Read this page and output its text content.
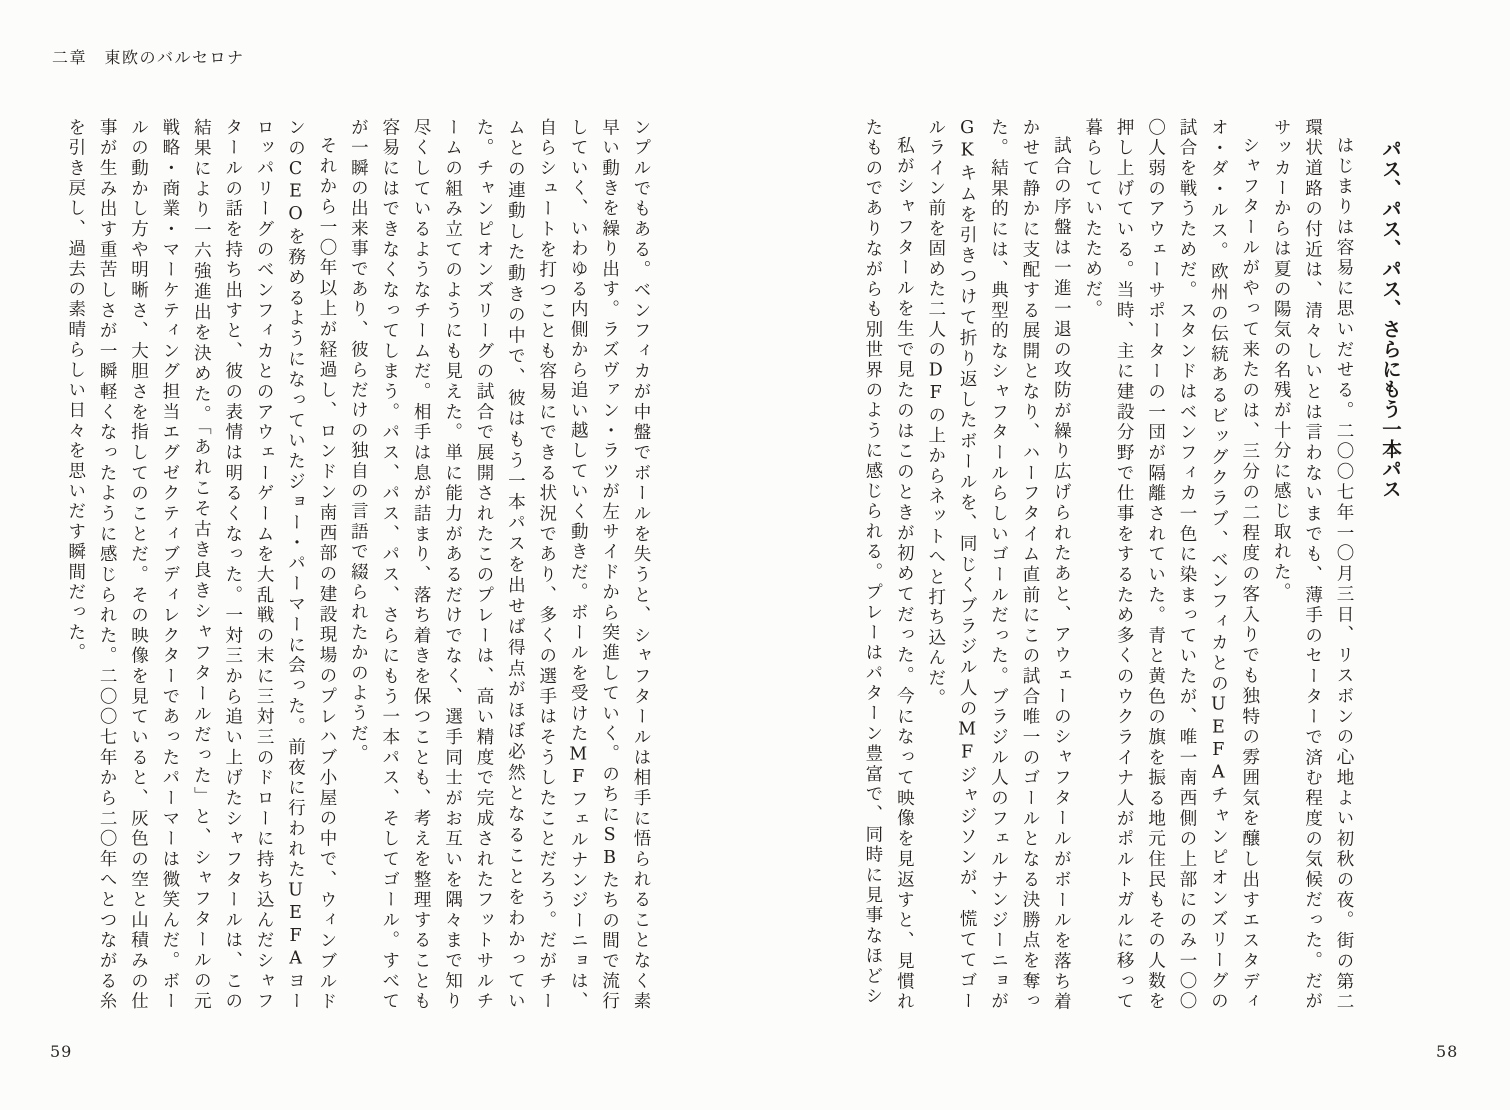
二章　東欧のバルセロナ
パス、パス、パス、さらにもう一本パス

はじまりは容易に思いだせる。二〇〇七年一〇月三日、リスボンの心地よい初秋の夜。街の第二環状道路の付近は、清々しいとは言わないまでも、薄手のセーターで済む程度の気候だった。だがサッカーからは夏の陽気の名残が十分に感じ取れた。

シャフタールがやって来たのは、三分の二程度の客入りでも独特の雰囲気を醸し出すエスタディオ・ダ・ルス。欧州の伝統あるビッグクラブ、ベンフィカとのUEFAチャンピオンズリーグの試合を戦うためだ。スタンドはベンフィカ一色に染まっていたが、唯一南西側の上部にのみ一〇〇〇人弱のアウェーサポーターの一団が隔離されていた。青と黄色の旗を振る地元住民もその人数を押し上げている。当時、主に建設分野で仕事をするため多くのウクライナ人がポルトガルに移って暮らしていたためだ。

試合の序盤は一進一退の攻防が繰り広げられたあと、アウェーのシャフタールがボールを落ち着かせて静かに支配する展開となり、ハーフタイム直前にこの試合唯一のゴールとなる決勝点を奪った。結果的には、典型的なシャフタールらしいゴールだった。ブラジル人のフェルナンジーニョがGKキムを引きつけて折り返したボールを、同じくブラジル人のMFジャジソンが、慌ててゴールライン前を固めた二人のDFの上からネットへと打ち込んだ。

私がシャフタールを生で見たのはこのときが初めてだった。今になって映像を見返すと、見慣れたものでありながらも別世界のように感じられる。プレーはパターン豊富で、同時に見事なほどシ

58

ンプルでもある。ベンフィカが中盤でボールを失うと、シャフタールは相手に悟られることなく素早い動きを繰り出す。ラズヴァン・ラツが左サイドから突進していく。のちにSBたちの間で流行していく、いわゆる内側から追い越していく動きだ。ボールを受けたMFフェルナンジーニョは、自らシュートを打つことも容易にできる状況であり、多くの選手はそうしたことだろう。だがチームとの連動した動きの中で、彼はもう一本パスを出せば得点がほぼ必然となることをわかっていた。チャンピオンズリーグの試合で展開されたこのプレーは、高い精度で完成されたフットサルチームの組み立てのようにも見えた。単に能力があるだけでなく、選手同士がお互いを隅々まで知り尽くしているようなチームだ。相手は息が詰まり、落ち着きを保つことも、考えを整理することも容易にはできなくなってしまう。パス、パス、パス、さらにもう一本パス、そしてゴール。すべてが一瞬の出来事であり、彼らだけの独自の言語で綴られたかのようだ。

それから一〇年以上が経過し、ロンドン南西部の建設現場のプレハブ小屋の中で、ウィンブルドンのCEOを務めるようになっていたジョー・パーマーに会った。前夜に行われたUEFAヨーロッパリーグのベンフィカとのアウェーゲームを大乱戦の末に三対三のドローに持ち込んだシャフタールの話を持ち出すと、彼の表情は明るくなった。一対三から追い上げたシャフタールは、この結果により一六強進出を決めた。「あれこそ古き良きシャフタールだった」と、シャフタールの元戦略・商業・マーケティング担当エグゼクティブディレクターであったパーマーは微笑んだ。ボールの動かし方や明晰さ、大胆さを指してのことだ。その映像を見ていると、灰色の空と山積みの仕事が生み出す重苦しさが一瞬軽くなったように感じられた。二〇〇七年から二〇年へとつながる糸を引き戻し、過去の素晴らしい日々を思いだす瞬間だった。

59
